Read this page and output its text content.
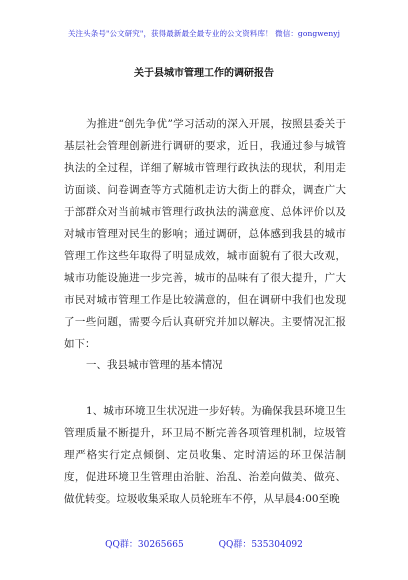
关注头条号"公文研究"，获得最新最全最专业的公文资料库！ 微信：gongwenyj
关于县城市管理工作的调研报告
为推进“创先争优”学习活动的深入开展，按照县委关于基层社会管理创新进行调研的要求，近日，我通过参与城管执法的全过程，详细了解城市管理行政执法的现状，利用走访面谈、问卷调查等方式随机走访大街上的群众，调查广大于部群众对当前城市管理行政执法的满意度、总体评价以及对城市管理对民生的影响；通过调研，总体感到我县的城市管理工作这些年取得了明显成效，城市面貌有了很大改观，城市功能设施进一步完善，城市的品味有了很大提升，广大市民对城市管理工作是比较满意的，但在调研中我们也发现了一些问题，需要今后认真研究并加以解决。主要情况汇报如下：
一、我县城市管理的基本情况
1、城市环境卫生状况进一步好转。为确保我县环境卫生管理质量不断提升，环卫局不断完善各项管理机制，垃圾管理严格实行定点倾倒、定员收集、定时清运的环卫保洁制度，促进环境卫生管理由治脏、治乱、治差向做美、做亮、做优转变。垃圾收集采取人员轮班车不停，从早晨4:00至晚
QQ群：30265665	QQ群：535304092
